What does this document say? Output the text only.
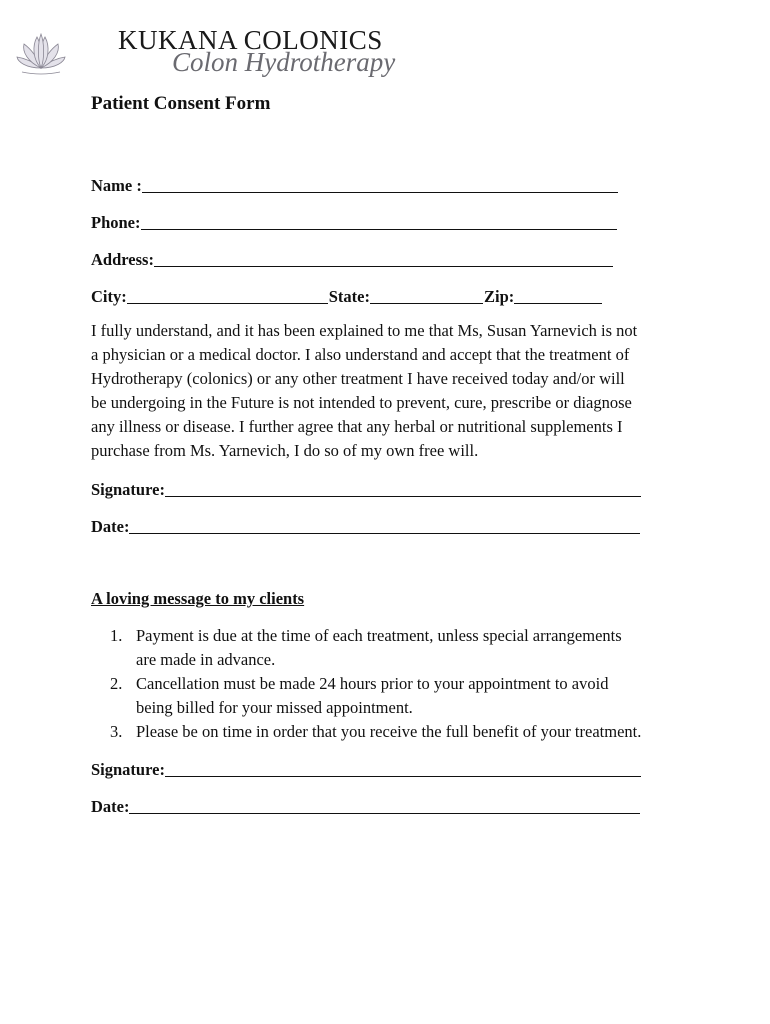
KUKANA COLONICS
Colon Hydrotherapy
Patient Consent Form
Name :
Phone:
Address:
City:	State:	Zip:

I fully understand, and it has been explained to me that Ms, Susan Yarnevich is not
a physician or a medical doctor. I also understand and accept that the treatment of
Hydrotherapy (colonics) or any other treatment I have received today and/or will
be undergoing in the Future is not intended to prevent, cure, prescribe or diagnose
any illness or disease. I further agree that any herbal or nutritional supplements I
purchase from Ms. Yarnevich, I do so of my own free will.

Signature:
Date:
A loving message to my clients
1. Payment is due at the time of each treatment, unless special arrangements
are made in advance.
2. Cancellation must be made 24 hours prior to your appointment to avoid
being billed for your missed appointment.
3. Please be on time in order that you receive the full benefit of your treatment.
Signature:
Date:
